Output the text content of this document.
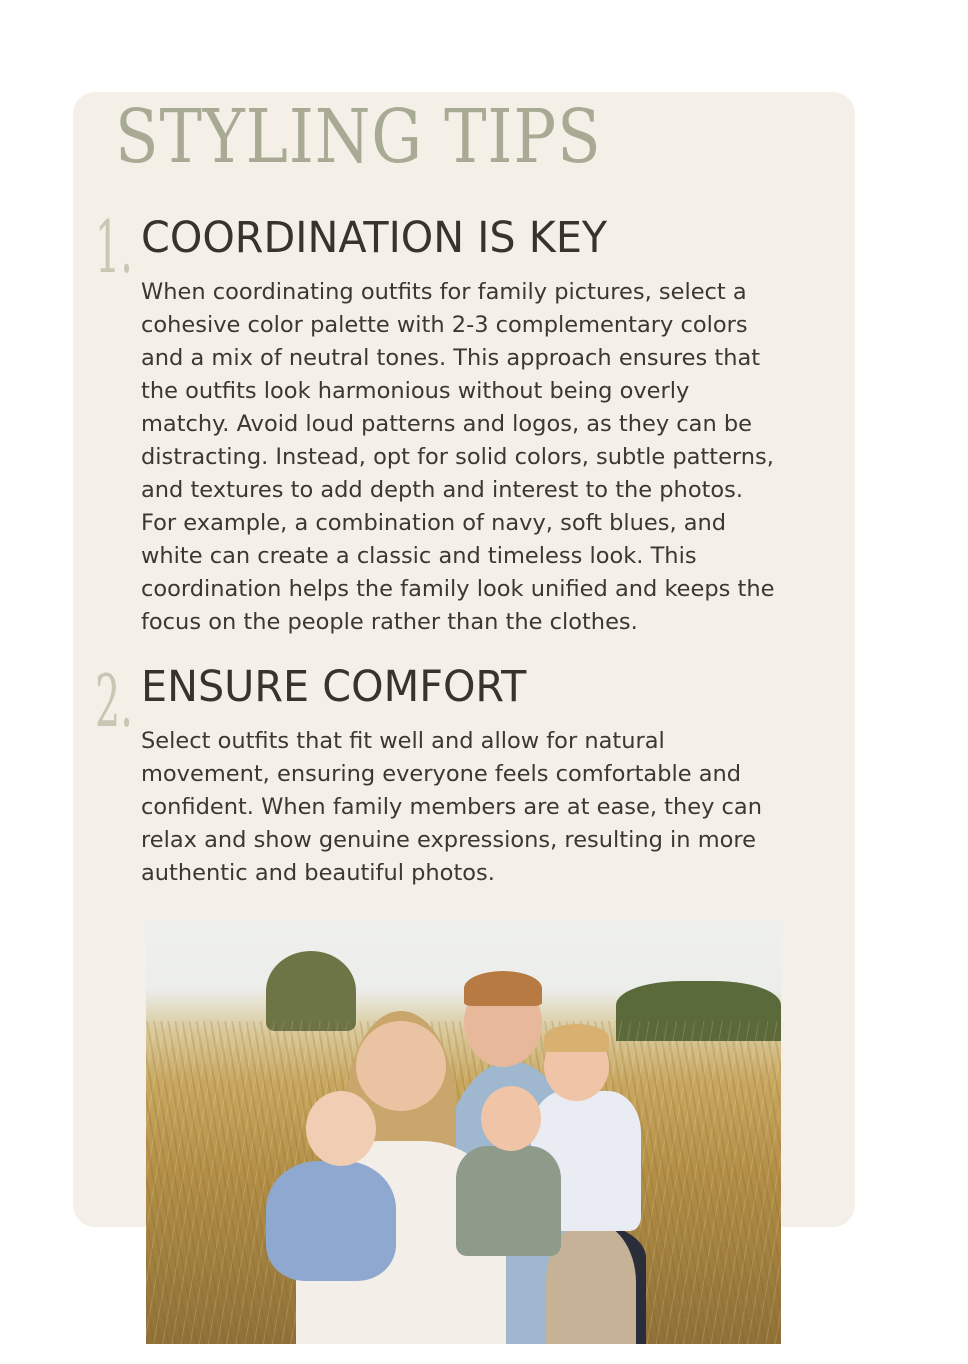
STYLING TIPS
1. COORDINATION IS KEY
When coordinating outfits for family pictures, select a
cohesive color palette with 2-3 complementary colors
and a mix of neutral tones. This approach ensures that
the outfits look harmonious without being overly
matchy. Avoid loud patterns and logos, as they can be
distracting. Instead, opt for solid colors, subtle patterns,
and textures to add depth and interest to the photos.
For example, a combination of navy, soft blues, and
white can create a classic and timeless look. This
coordination helps the family look unified and keeps the
focus on the people rather than the clothes.
2. ENSURE COMFORT
Select outfits that fit well and allow for natural
movement, ensuring everyone feels comfortable and
confident. When family members are at ease, they can
relax and show genuine expressions, resulting in more
authentic and beautiful photos.
